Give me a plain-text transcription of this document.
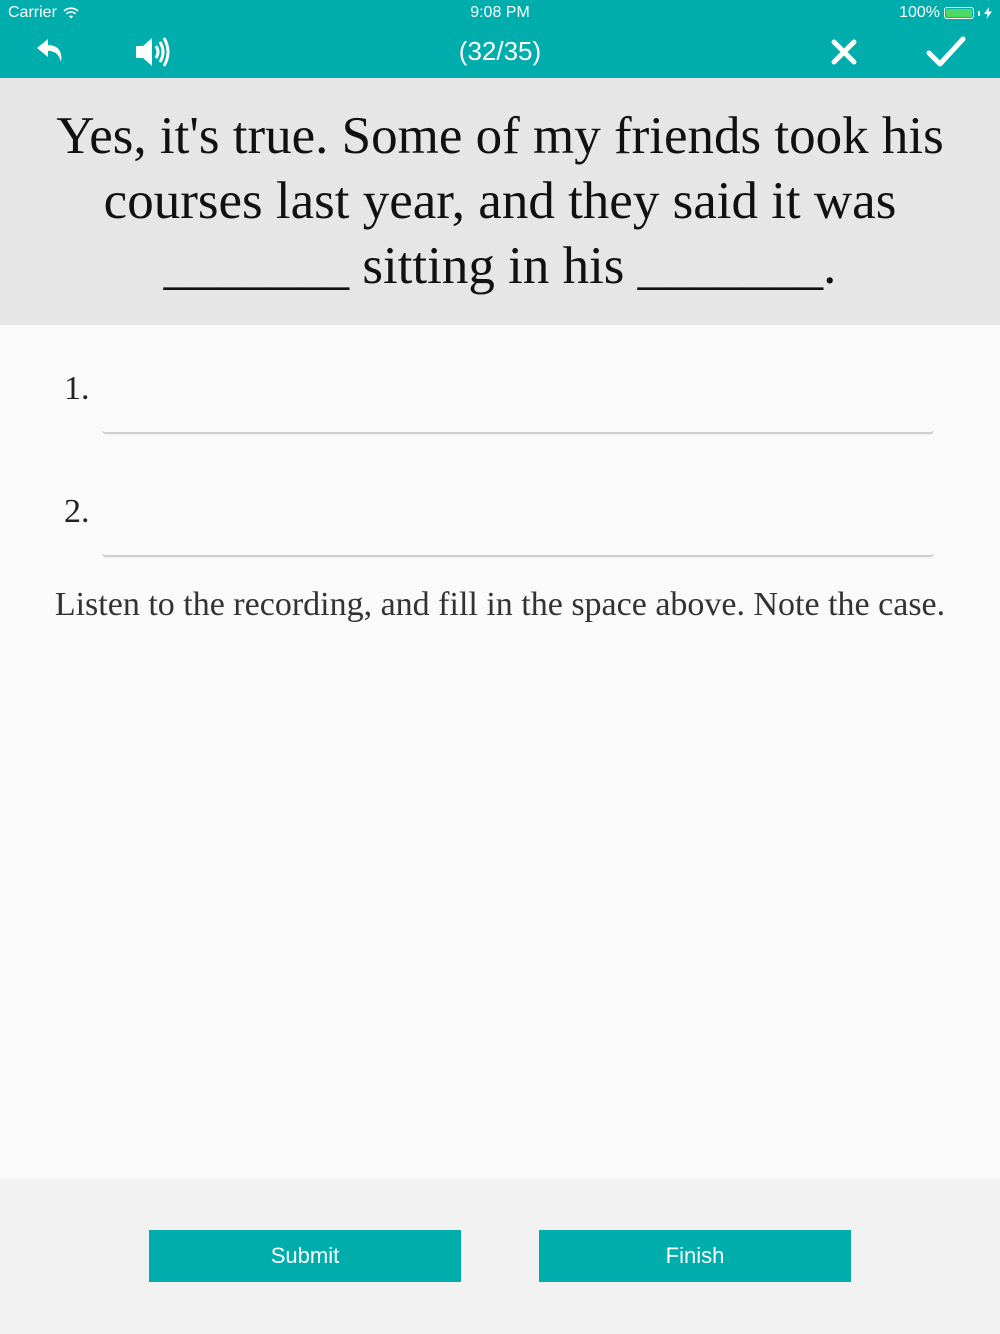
Carrier	9:08 PM	100%
(32/35)
Yes, it's true. Some of my friends took his
courses last year, and they said it was
_______ sitting in his _______.
1.
2.
Listen to the recording, and fill in the space above. Note the case.
Submit	Finish
